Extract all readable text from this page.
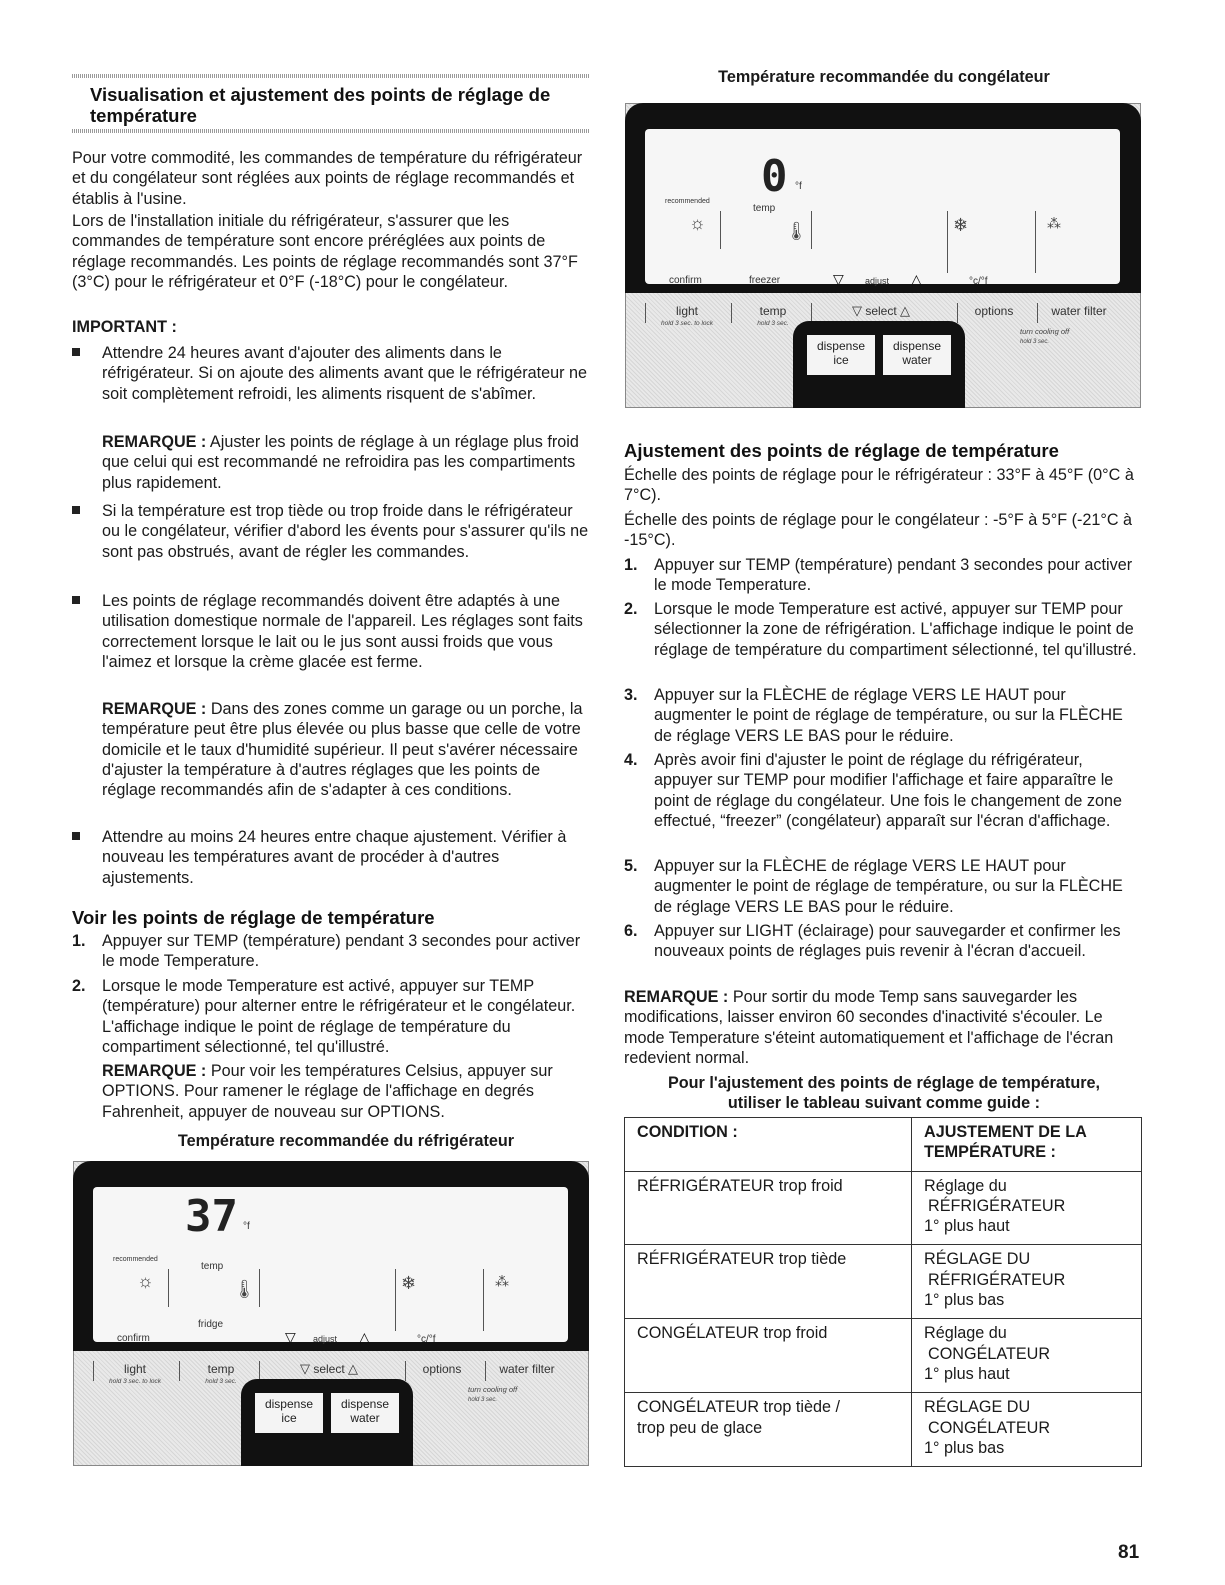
Visualisation et ajustement des points de réglage de température

Pour votre commodité, les commandes de température du réfrigérateur et du congélateur sont réglées aux points de réglage recommandés et établis à l'usine.

Lors de l'installation initiale du réfrigérateur, s'assurer que les commandes de température sont encore préréglées aux points de réglage recommandés. Les points de réglage recommandés sont 37°F (3°C) pour le réfrigérateur et 0°F (-18°C) pour le congélateur.

IMPORTANT :

Attendre 24 heures avant d'ajouter des aliments dans le réfrigérateur. Si on ajoute des aliments avant que le réfrigérateur ne soit complètement refroidi, les aliments risquent de s'abîmer.

REMARQUE : Ajuster les points de réglage à un réglage plus froid que celui qui est recommandé ne refroidira pas les compartiments plus rapidement.

Si la température est trop tiède ou trop froide dans le réfrigérateur ou le congélateur, vérifier d'abord les évents pour s'assurer qu'ils ne sont pas obstrués, avant de régler les commandes.

Les points de réglage recommandés doivent être adaptés à une utilisation domestique normale de l'appareil. Les réglages sont faits correctement lorsque le lait ou le jus sont aussi froids que vous l'aimez et lorsque la crème glacée est ferme.

REMARQUE : Dans des zones comme un garage ou un porche, la température peut être plus élevée ou plus basse que celle de votre domicile et le taux d'humidité supérieur. Il peut s'avérer nécessaire d'ajuster la température à d'autres réglages que les points de réglage recommandés afin de s'adapter à ces conditions.

Attendre au moins 24 heures entre chaque ajustement. Vérifier à nouveau les températures avant de procéder à d'autres ajustements.

Voir les points de réglage de température
1. Appuyer sur TEMP (température) pendant 3 secondes pour activer le mode Temperature.

2. Lorsque le mode Temperature est activé, appuyer sur TEMP (température) pour alterner entre le réfrigérateur et le congélateur. L'affichage indique le point de réglage de température du compartiment sélectionné, tel qu'illustré.

REMARQUE : Pour voir les températures Celsius, appuyer sur OPTIONS. Pour ramener le réglage de l'affichage en degrés Fahrenheit, appuyer de nouveau sur OPTIONS.

Température recommandée du réfrigérateur

37 °f
recommended
temp
☼	🌡
fridge
❄	⁂
confirm	▽ adjust △	°c/°f
light
hold 3 sec. to lock
temp
hold 3 sec.
▽ select △	options	water filter
turn cooling off
hold 3 sec.
dispense
ice
dispense
water

Température recommandée du congélateur

0 °f
recommended
temp
☼	🌡	❄	⁂
confirm	freezer	▽ adjust △	°c/°f
light
hold 3 sec. to lock
temp
hold 3 sec.
▽ select △	options	water filter
turn cooling off
hold 3 sec.
dispense
ice
dispense
water
Ajustement des points de réglage de température

Échelle des points de réglage pour le réfrigérateur : 33°F à 45°F (0°C à 7°C).

Échelle des points de réglage pour le congélateur : -5°F à 5°F (-21°C à -15°C).

1. Appuyer sur TEMP (température) pendant 3 secondes pour activer le mode Temperature.

2. Lorsque le mode Temperature est activé, appuyer sur TEMP pour sélectionner la zone de réfrigération. L'affichage indique le point de réglage de température du compartiment sélectionné, tel qu'illustré.

3. Appuyer sur la FLÈCHE de réglage VERS LE HAUT pour augmenter le point de réglage de température, ou sur la FLÈCHE de réglage VERS LE BAS pour le réduire.

4. Après avoir fini d'ajuster le point de réglage du réfrigérateur, appuyer sur TEMP pour modifier l'affichage et faire apparaître le point de réglage du congélateur. Une fois le changement de zone effectué, “freezer” (congélateur) apparaît sur l'écran d'affichage.

5. Appuyer sur la FLÈCHE de réglage VERS LE HAUT pour augmenter le point de réglage de température, ou sur la FLÈCHE de réglage VERS LE BAS pour le réduire.

6. Appuyer sur LIGHT (éclairage) pour sauvegarder et confirmer les nouveaux points de réglages puis revenir à l'écran d'accueil.

REMARQUE : Pour sortir du mode Temp sans sauvegarder les modifications, laisser environ 60 secondes d'inactivité s'écouler. Le mode Temperature s'éteint automatiquement et l'affichage de l'écran redevient normal.

Pour l'ajustement des points de réglage de température,
utiliser le tableau suivant comme guide :

CONDITION :	AJUSTEMENT DE LA
TEMPÉRATURE :
RÉFRIGÉRATEUR trop froid	Réglage du
RÉFRIGÉRATEUR
1° plus haut
RÉFRIGÉRATEUR trop tiède	RÉGLAGE DU
RÉFRIGÉRATEUR
1° plus bas
CONGÉLATEUR trop froid	Réglage du
CONGÉLATEUR
1° plus haut
CONGÉLATEUR trop tiède /
trop peu de glace	RÉGLAGE DU
CONGÉLATEUR
1° plus bas
81
